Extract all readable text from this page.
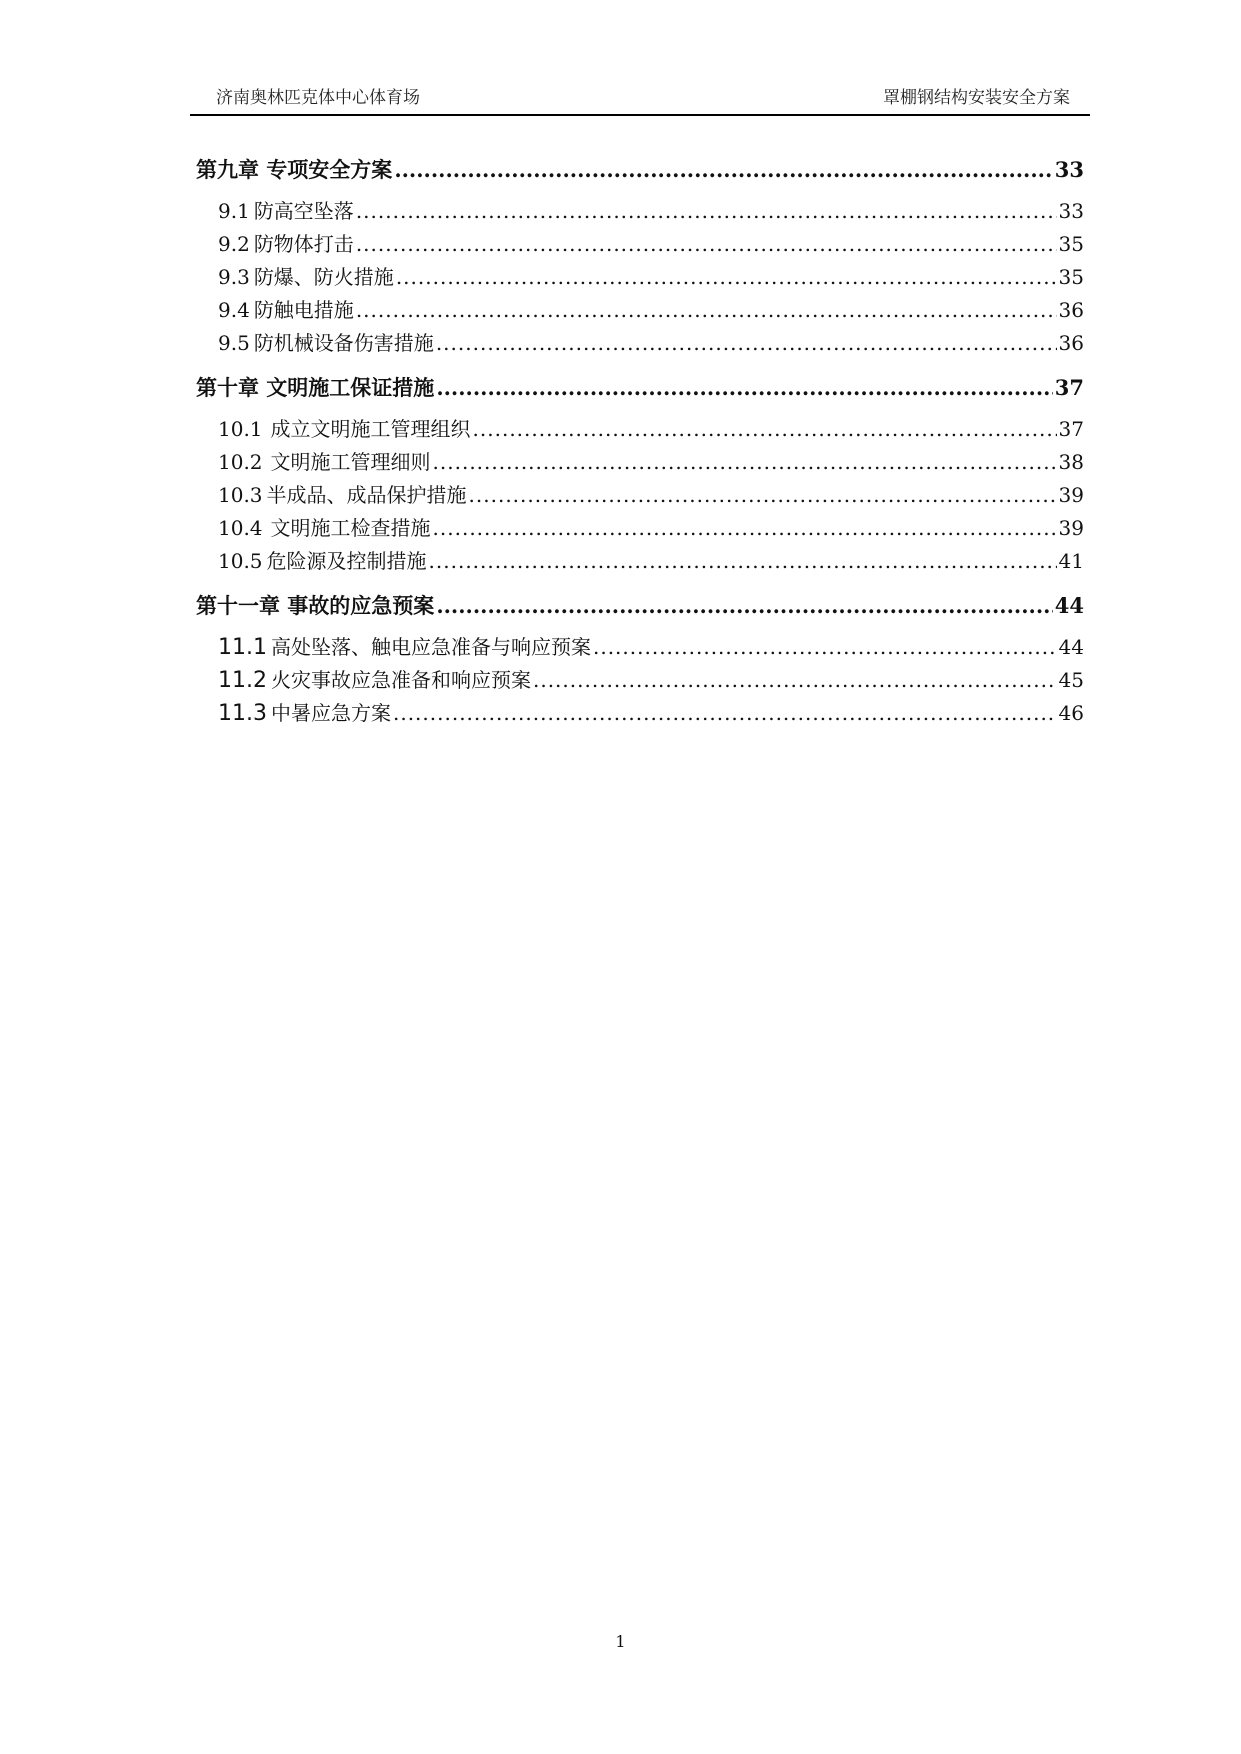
济南奥林匹克体中心体育场	罩棚钢结构安装安全方案
第九章 专项安全方案 .....	33
9.1 防高空坠落 .....	33
9.2 防物体打击 .....	35
9.3 防爆、防火措施 .....	35
9.4 防触电措施 .....	36
9.5 防机械设备伤害措施 .....	36
第十章 文明施工保证措施 .....	37
10.1 成立文明施工管理组织 .....	37
10.2 文明施工管理细则 .....	38
10.3 半成品、成品保护措施 .....	39
10.4 文明施工检查措施 .....	39
10.5 危险源及控制措施 .....	41
第十一章 事故的应急预案 .....	44
11.1 高处坠落、触电应急准备与响应预案 .....	44
11.2 火灾事故应急准备和响应预案 .....	45
11.3 中暑应急方案 .....	46
1
